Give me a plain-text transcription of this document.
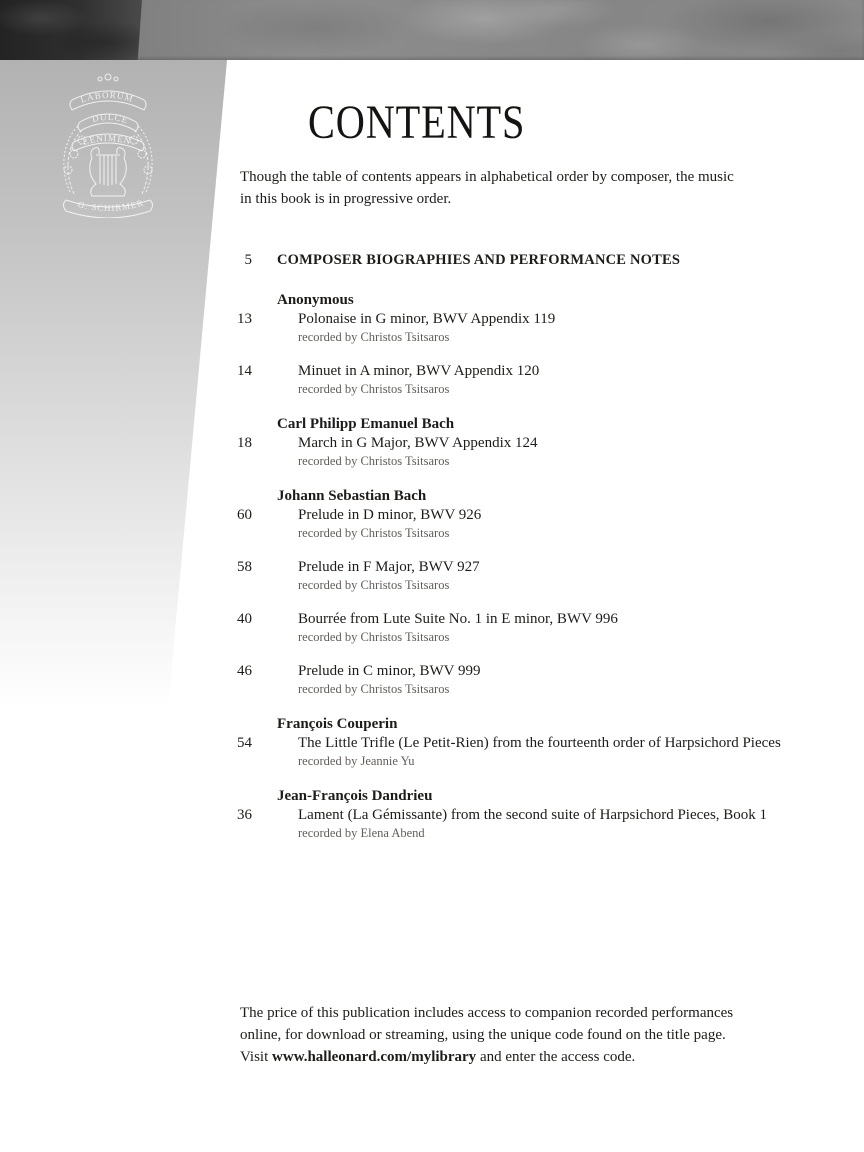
LABORUM
DULCE
LENIMEN
G. SCHIRMER
CONTENTS
Though the table of contents appears in alphabetical order by composer, the music
in this book is in progressive order.
5 COMPOSER BIOGRAPHIES AND PERFORMANCE NOTES
Anonymous
13	Polonaise in G minor, BWV Appendix 119
recorded by Christos Tsitsaros
14	Minuet in A minor, BWV Appendix 120
recorded by Christos Tsitsaros
Carl Philipp Emanuel Bach
18	March in G Major, BWV Appendix 124
recorded by Christos Tsitsaros
Johann Sebastian Bach
60	Prelude in D minor, BWV 926
recorded by Christos Tsitsaros
58	Prelude in F Major, BWV 927
recorded by Christos Tsitsaros
40	Bourrée from Lute Suite No. 1 in E minor, BWV 996
recorded by Christos Tsitsaros
46	Prelude in C minor, BWV 999
recorded by Christos Tsitsaros
François Couperin
54	The Little Trifle (Le Petit-Rien) from the fourteenth order of Harpsichord Pieces
recorded by Jeannie Yu
Jean-François Dandrieu
36	Lament (La Gémissante) from the second suite of Harpsichord Pieces, Book 1
recorded by Elena Abend
The price of this publication includes access to companion recorded performances
online, for download or streaming, using the unique code found on the title page.
Visit www.halleonard.com/mylibrary and enter the access code.
